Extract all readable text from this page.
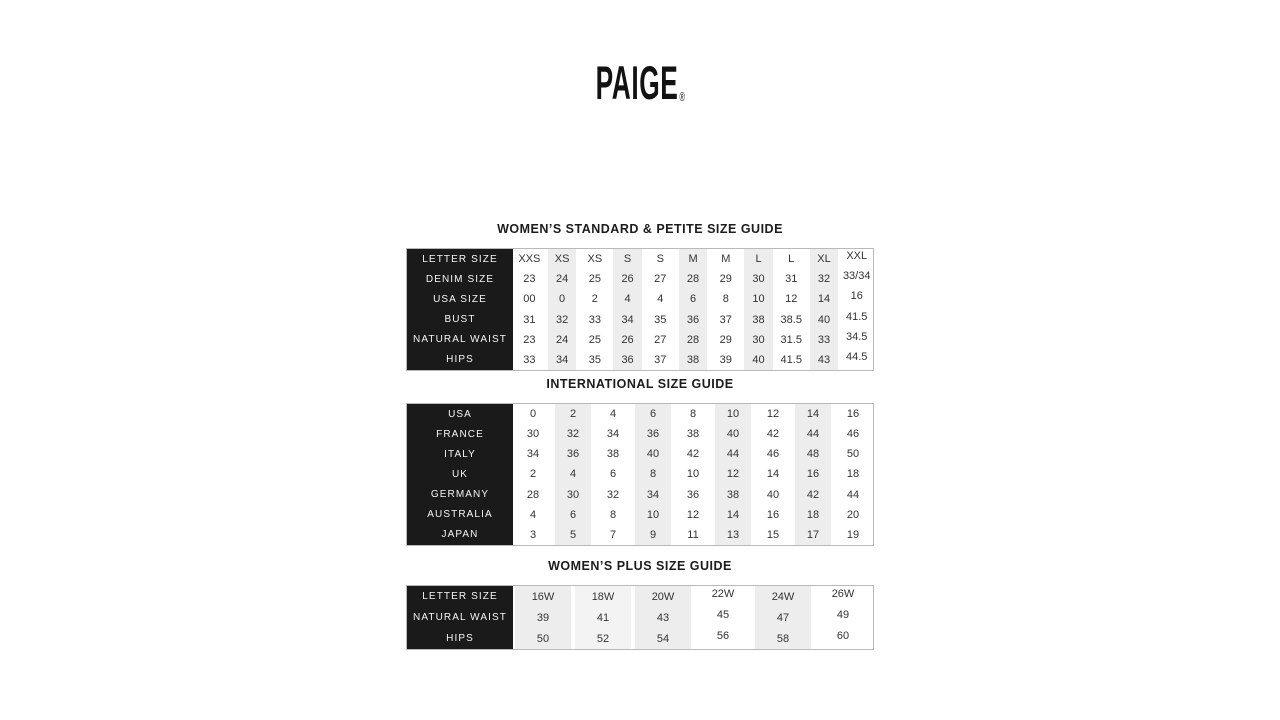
PAIGE®
WOMEN’S STANDARD & PETITE SIZE GUIDE
LETTER SIZE
DENIM SIZE
USA SIZE
BUST
NATURAL WAIST
HIPS
XXS
23
00
31
23
33
XS
24
0
32
24
34
XS
25
2
33
25
35
S
26
4
34
26
36
S
27
4
35
27
37
M
28
6
36
28
38
M
29
8
37
29
39
L
30
10
38
30
40
L
31
12
38.5
31.5
41.5
XL
32
14
40
33
43
XXL
33/34
16
41.5
34.5
44.5
INTERNATIONAL SIZE GUIDE
USA
FRANCE
ITALY
UK
GERMANY
AUSTRALIA
JAPAN
0
30
34
2
28
4
3
2
32
36
4
30
6
5
4
34
38
6
32
8
7
6
36
40
8
34
10
9
8
38
42
10
36
12
11
10
40
44
12
38
14
13
12
42
46
14
40
16
15
14
44
48
16
42
18
17
16
46
50
18
44
20
19
WOMEN’S PLUS SIZE GUIDE
LETTER SIZE
NATURAL WAIST
HIPS
16W
39
50
18W
41
52
20W
43
54
22W
45
56
24W
47
58
26W
49
60
